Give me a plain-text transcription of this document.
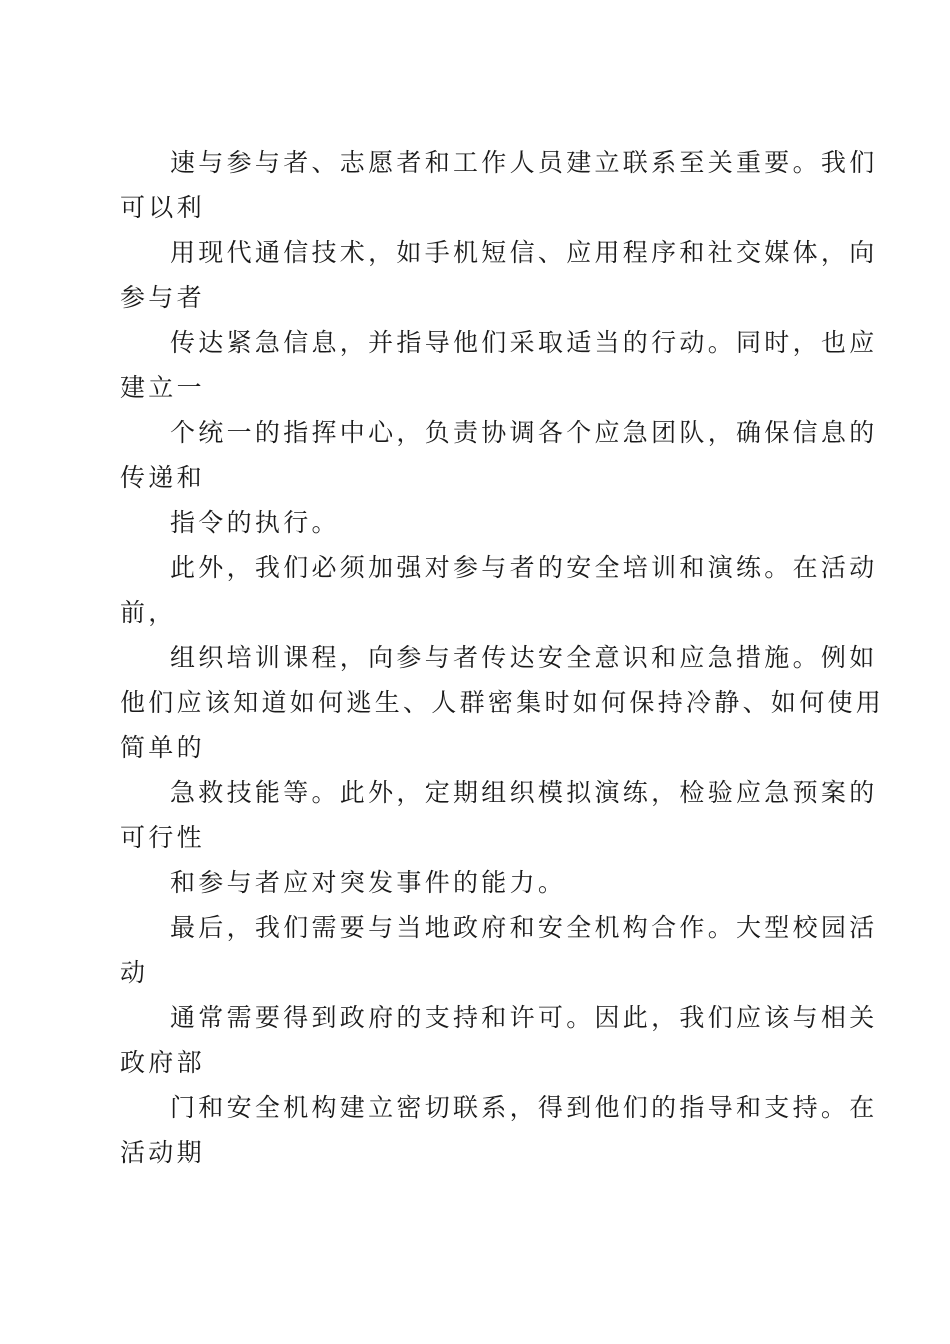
速与参与者、志愿者和工作人员建立联系至关重要。我们
可以利
用现代通信技术，如手机短信、应用程序和社交媒体，向
参与者
传达紧急信息，并指导他们采取适当的行动。同时，也应
建立一
个统一的指挥中心，负责协调各个应急团队，确保信息的
传递和
指令的执行。
此外，我们必须加强对参与者的安全培训和演练。在活动
前，
组织培训课程，向参与者传达安全意识和应急措施。例如
他们应该知道如何逃生、人群密集时如何保持冷静、如何使用
简单的
急救技能等。此外，定期组织模拟演练，检验应急预案的
可行性
和参与者应对突发事件的能力。
最后，我们需要与当地政府和安全机构合作。大型校园活
动
通常需要得到政府的支持和许可。因此，我们应该与相关
政府部
门和安全机构建立密切联系，得到他们的指导和支持。在
活动期
